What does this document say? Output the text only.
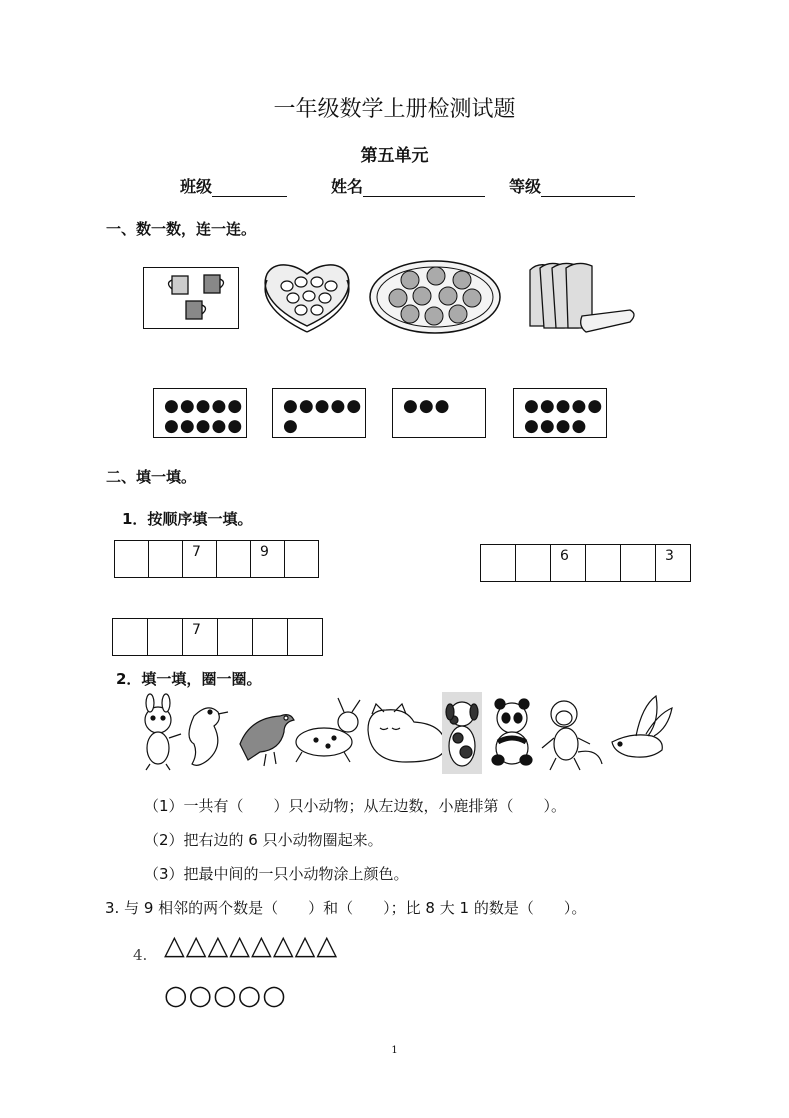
一年级数学上册检测试题
第五单元
班级	姓名	等级
一、数一数，连一连。
●●●●●
●●●●●
●●●●●
●
●●●	●●●●●
●●●●
二、填一填。
1．按顺序填一填。

7		9

		6			3

7

2．填一填，圈一圈。
（1）一共有（　　）只小动物；从左边数，小鹿排第（　　）。
（2）把右边的 6 只小动物圈起来。
（3）把最中间的一只小动物涂上颜色。
3. 与 9 相邻的两个数是（　　）和（　　）；比 8 大 1 的数是（　　）。
4. △△△△△△△△
○○○○○
1
